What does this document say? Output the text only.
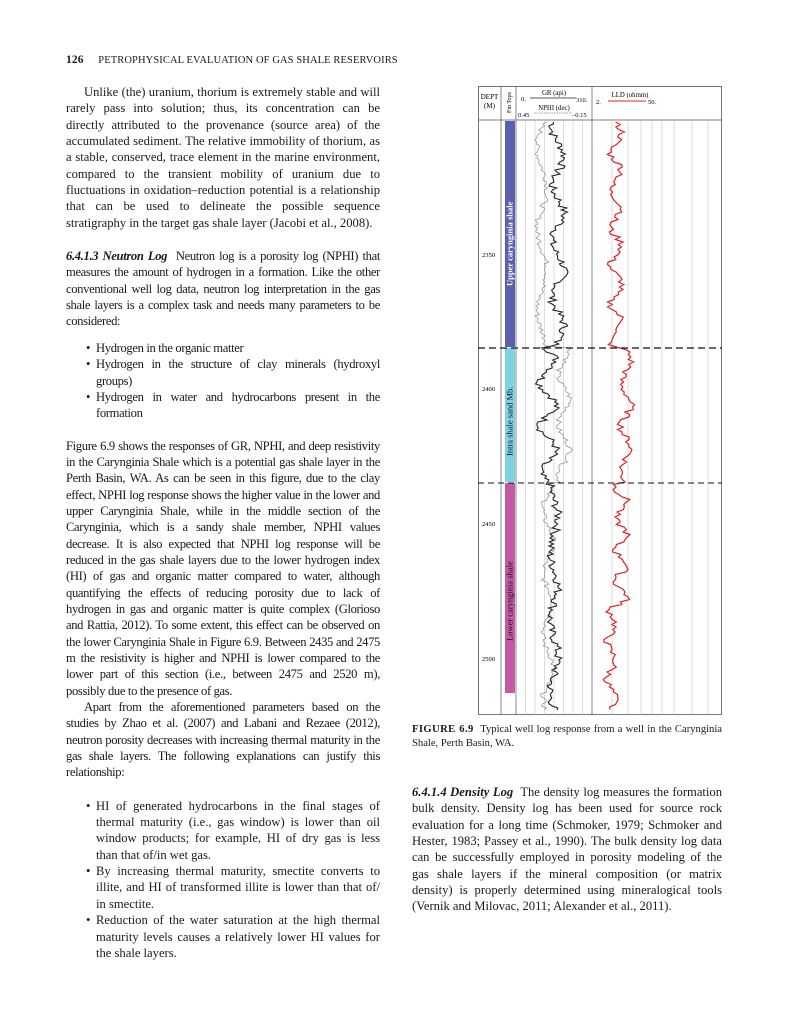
126 PETROPHYSICAL EVALUATION OF GAS SHALE RESERVOIRS

Unlike (the) uranium, thorium is extremely stable and will rarely pass into solution; thus, its concentration can be directly attributed to the provenance (source area) of the accumulated sediment. The relative immobility of thorium, as a stable, conserved, trace element in the marine environment, compared to the transient mobility of uranium due to fluctuations in oxidation–reduction potential is a relationship that can be used to delineate the possible sequence stratigraphy in the target gas shale layer (Jacobi et al., 2008).

6.4.1.3 Neutron Log Neutron log is a porosity log (NPHI) that measures the amount of hydrogen in a formation. Like the other conventional well log data, neutron log interpretation in the gas shale layers is a complex task and needs many parameters to be considered:

• Hydrogen in the organic matter
• Hydrogen in the structure of clay minerals (hydroxyl groups)
• Hydrogen in water and hydrocarbons present in the formation

Figure 6.9 shows the responses of GR, NPHI, and deep resistivity in the Carynginia Shale which is a potential gas shale layer in the Perth Basin, WA. As can be seen in this figure, due to the clay effect, NPHI log response shows the higher value in the lower and upper Carynginia Shale, while in the middle section of the Carynginia, which is a sandy shale member, NPHI values decrease. It is also expected that NPHI log response will be reduced in the gas shale layers due to the lower hydrogen index (HI) of gas and organic matter compared to water, although quantifying the effects of reducing porosity due to lack of hydrogen in gas and organic matter is quite complex (Glorioso and Rattia, 2012). To some extent, this effect can be observed on the lower Carynginia Shale in Figure 6.9. Between 2435 and 2475 m the resistivity is higher and NPHI is lower compared to the lower part of this section (i.e., between 2475 and 2520 m), possibly due to the presence of gas.

Apart from the aforementioned parameters based on the studies by Zhao et al. (2007) and Labani and Rezaee (2012), neutron porosity decreases with increasing thermal maturity in the gas shale layers. The following explanations can justify this relationship:

• HI of generated hydrocarbons in the final stages of thermal maturity (i.e., gas window) is lower than oil window products; for example, HI of dry gas is less than that of/in wet gas.
• By increasing thermal maturity, smectite converts to illite, and HI of transformed illite is lower than that of/ in smectite.
• Reduction of the water saturation at the high thermal maturity levels causes a relatively lower HI values for the shale layers.
DEPT
(M) Fm Tops	GR (api)
0.	310.
NPHI (dec)
0.45	–0.15
LLD (ohmm)
2.	50.
Upper carynginia shale
Intra shale sand Mb.
Lower carynginia shale
2350
2400
2450
2500
FIGURE 6.9 Typical well log response from a well in the Carynginia Shale, Perth Basin, WA.

6.4.1.4 Density Log The density log measures the formation bulk density. Density log has been used for source rock evaluation for a long time (Schmoker, 1979; Schmoker and Hester, 1983; Passey et al., 1990). The bulk density log data can be successfully employed in porosity modeling of the gas shale layers if the mineral composition (or matrix density) is properly determined using mineralogical tools (Vernik and Milovac, 2011; Alexander et al., 2011).
